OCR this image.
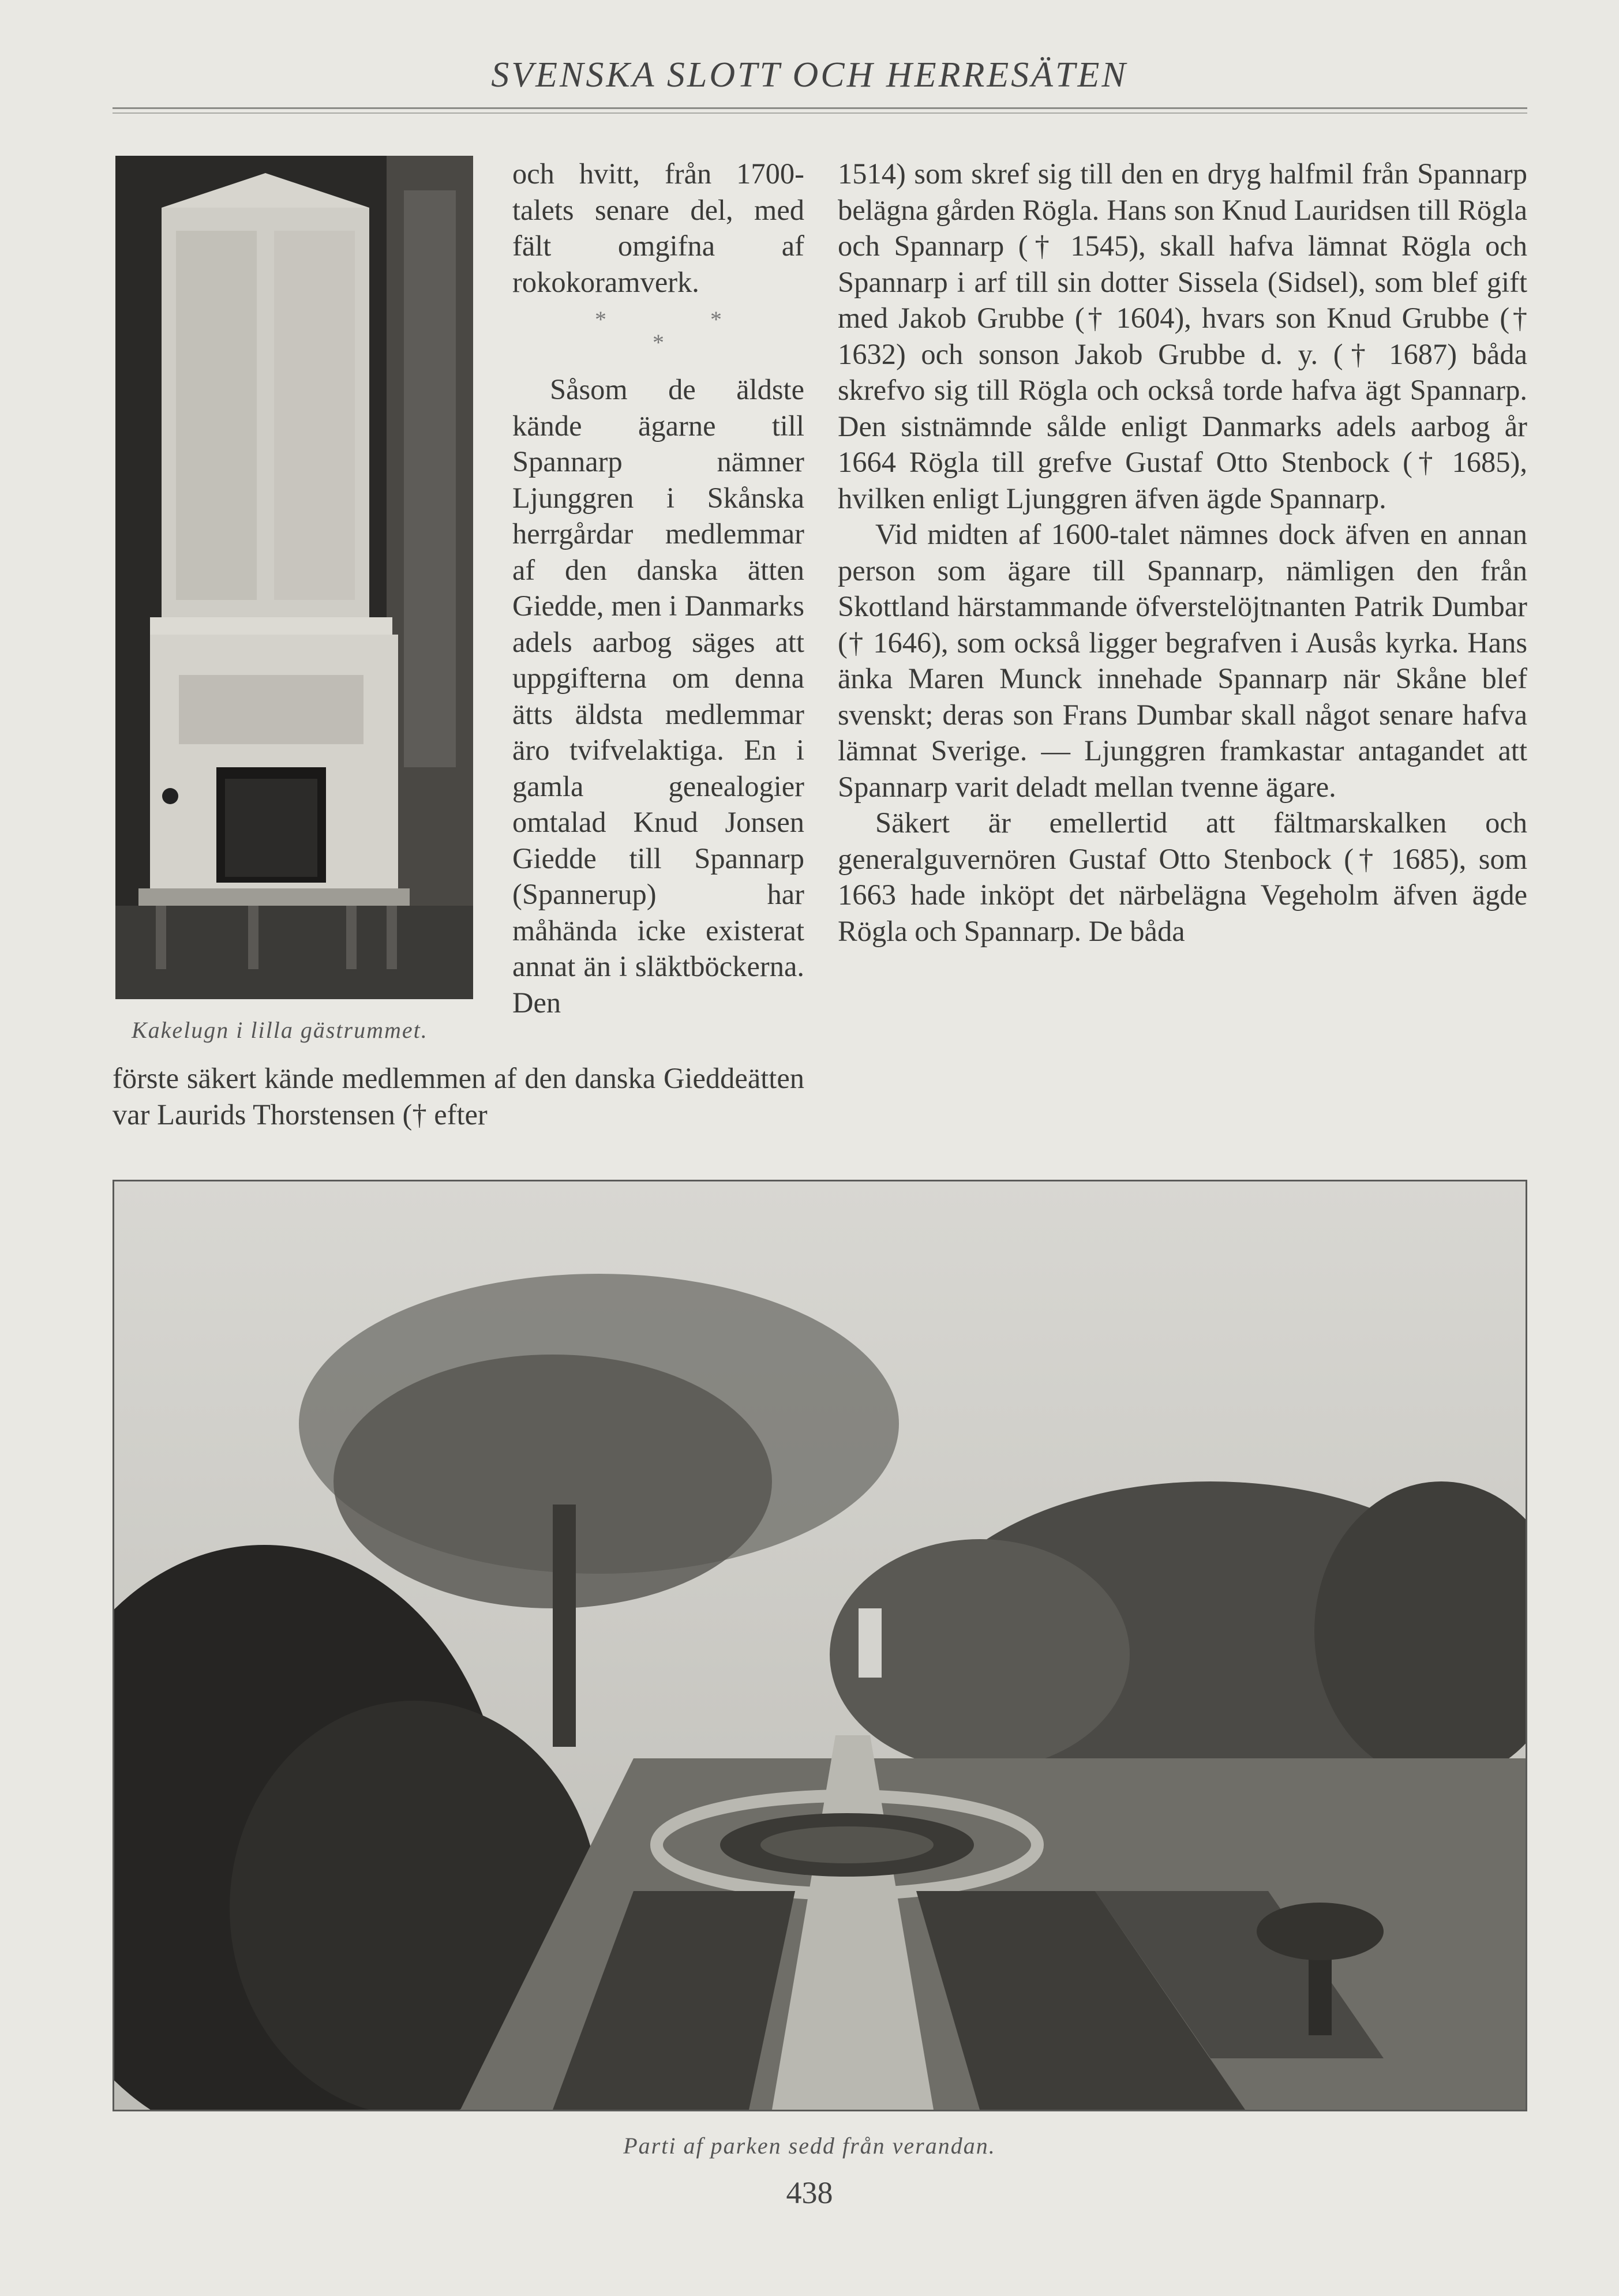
SVENSKA SLOTT OCH HERRESÄTEN
Kakelugn i lilla gästrummet.

och hvitt, från 1700-talets senare del, med fält omgifna af rokokoramverk.

*	*
*

Såsom de äldste kände ägarne till Spannarp nämner Ljunggren i Skånska herrgårdar medlemmar af den danska ätten Giedde, men i Danmarks adels aarbog säges att uppgifterna om denna ätts äldsta medlemmar äro tvifvelaktiga. En i gamla genealogier omtalad Knud Jonsen Giedde till Spannarp (Spannerup) har måhända icke existerat annat än i släktböckerna. Den

förste säkert kände medlemmen af den danska Gieddeätten var Laurids Thorstensen († efter

1514) som skref sig till den en dryg halfmil från Spannarp belägna gården Rögla. Hans son Knud Lauridsen till Rögla och Spannarp († 1545), skall hafva lämnat Rögla och Spannarp i arf till sin dotter Sissela (Sidsel), som blef gift med Jakob Grubbe († 1604), hvars son Knud Grubbe († 1632) och sonson Jakob Grubbe d. y. († 1687) båda skrefvo sig till Rögla och också torde hafva ägt Spannarp. Den sistnämnde sålde enligt Danmarks adels aarbog år 1664 Rögla till grefve Gustaf Otto Stenbock († 1685), hvilken enligt Ljunggren äfven ägde Spannarp.

Vid midten af 1600-talet nämnes dock äfven en annan person som ägare till Spannarp, nämligen den från Skottland härstammande öfverstelöjtnanten Patrik Dumbar († 1646), som också ligger begrafven i Ausås kyrka. Hans änka Maren Munck innehade Spannarp när Skåne blef svenskt; deras son Frans Dumbar skall något senare hafva lämnat Sverige. — Ljunggren framkastar antagandet att Spannarp varit deladt mellan tvenne ägare.

Säkert är emellertid att fältmarskalken och generalguvernören Gustaf Otto Stenbock († 1685), som 1663 hade inköpt det närbelägna Vegeholm äfven ägde Rögla och Spannarp. De båda

Parti af parken sedd från verandan.
438
